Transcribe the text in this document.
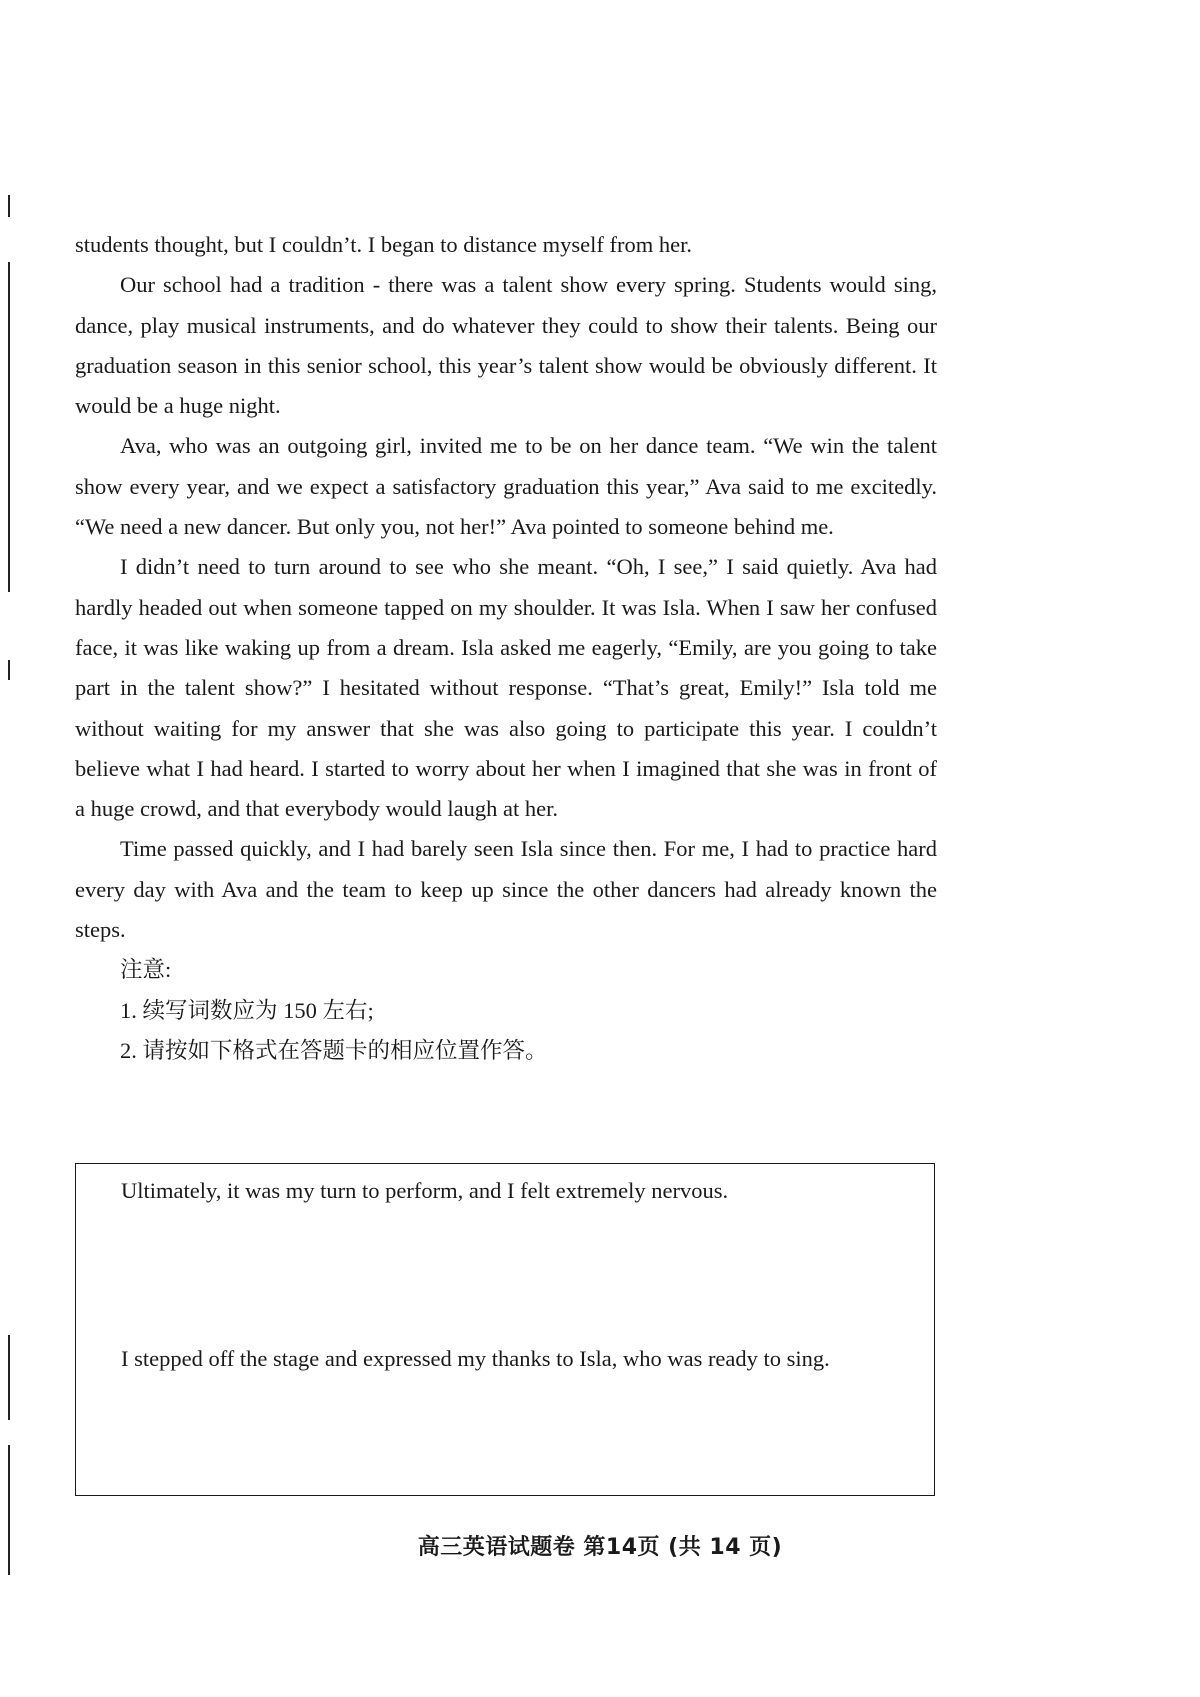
students thought, but I couldn’t. I began to distance myself from her.

Our school had a tradition - there was a talent show every spring. Students would sing, dance, play musical instruments, and do whatever they could to show their talents. Being our graduation season in this senior school, this year’s talent show would be obviously different. It would be a huge night.

Ava, who was an outgoing girl, invited me to be on her dance team. “We win the talent show every year, and we expect a satisfactory graduation this year,” Ava said to me excitedly. “We need a new dancer. But only you, not her!” Ava pointed to someone behind me.

I didn’t need to turn around to see who she meant. “Oh, I see,” I said quietly. Ava had hardly headed out when someone tapped on my shoulder. It was Isla. When I saw her confused face, it was like waking up from a dream. Isla asked me eagerly, “Emily, are you going to take part in the talent show?” I hesitated without response. “That’s great, Emily!” Isla told me without waiting for my answer that she was also going to participate this year. I couldn’t believe what I had heard. I started to worry about her when I imagined that she was in front of a huge crowd, and that everybody would laugh at her.

Time passed quickly, and I had barely seen Isla since then. For me, I had to practice hard every day with Ava and the team to keep up since the other dancers had already known the steps.

注意:
1. 续写词数应为 150 左右;
2. 请按如下格式在答题卡的相应位置作答。
Ultimately, it was my turn to perform, and I felt extremely nervous.
I stepped off the stage and expressed my thanks to Isla, who was ready to sing.
高三英语试题卷 第14页 (共 14 页)
